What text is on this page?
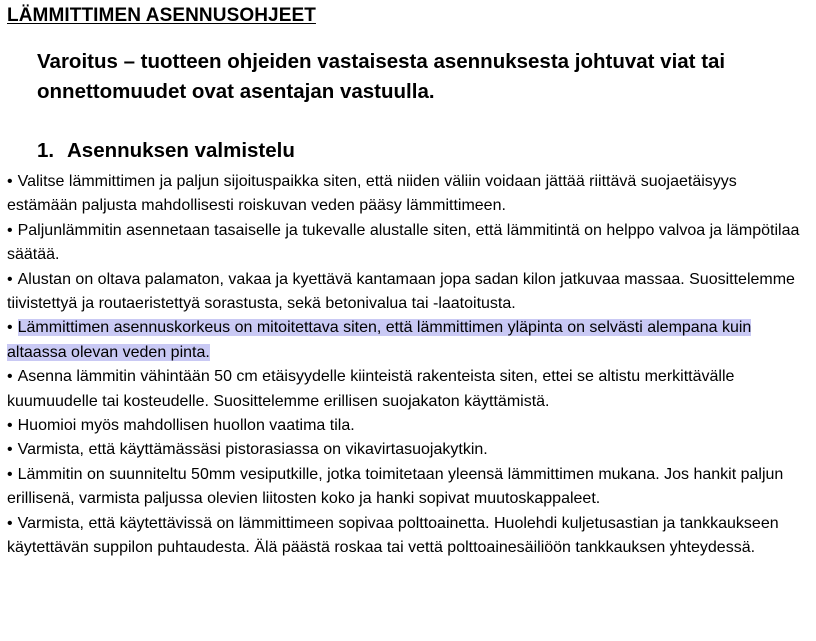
LÄMMITTIMEN ASENNUSOHJEET
Varoitus – tuotteen ohjeiden vastaisesta asennuksesta johtuvat viat tai onnettomuudet ovat asentajan vastuulla.
1. Asennuksen valmistelu
• Valitse lämmittimen ja paljun sijoituspaikka siten, että niiden väliin voidaan jättää riittävä suojaetäisyys estämään paljusta mahdollisesti roiskuvan veden pääsy lämmittimeen.
• Paljunlämmitin asennetaan tasaiselle ja tukevalle alustalle siten, että lämmitintä on helppo valvoa ja lämpötilaa säätää.
• Alustan on oltava palamaton, vakaa ja kyettävä kantamaan jopa sadan kilon jatkuvaa massaa. Suosittelemme tiivistettyä ja routaeristettyä sorastusta, sekä betonivalua tai -laatoitusta.
• Lämmittimen asennuskorkeus on mitoitettava siten, että lämmittimen yläpinta on selvästi alempana kuin altaassa olevan veden pinta.
• Asenna lämmitin vähintään 50 cm etäisyydelle kiinteistä rakenteista siten, ettei se altistu merkittävälle kuumuudelle tai kosteudelle. Suosittelemme erillisen suojakaton käyttämistä.
• Huomioi myös mahdollisen huollon vaatima tila.
• Varmista, että käyttämässäsi pistorasiassa on vikavirtasuojakytkin.
• Lämmitin on suunniteltu 50mm vesiputkille, jotka toimitetaan yleensä lämmittimen mukana. Jos hankit paljun erillisenä, varmista paljussa olevien liitosten koko ja hanki sopivat muutoskappaleet.
• Varmista, että käytettävissä on lämmittimeen sopivaa polttoainetta. Huolehdi kuljetusastian ja tankkaukseen käytettävän suppilon puhtaudesta. Älä päästä roskaa tai vettä polttoainesäiliöön tankkauksen yhteydessä.
